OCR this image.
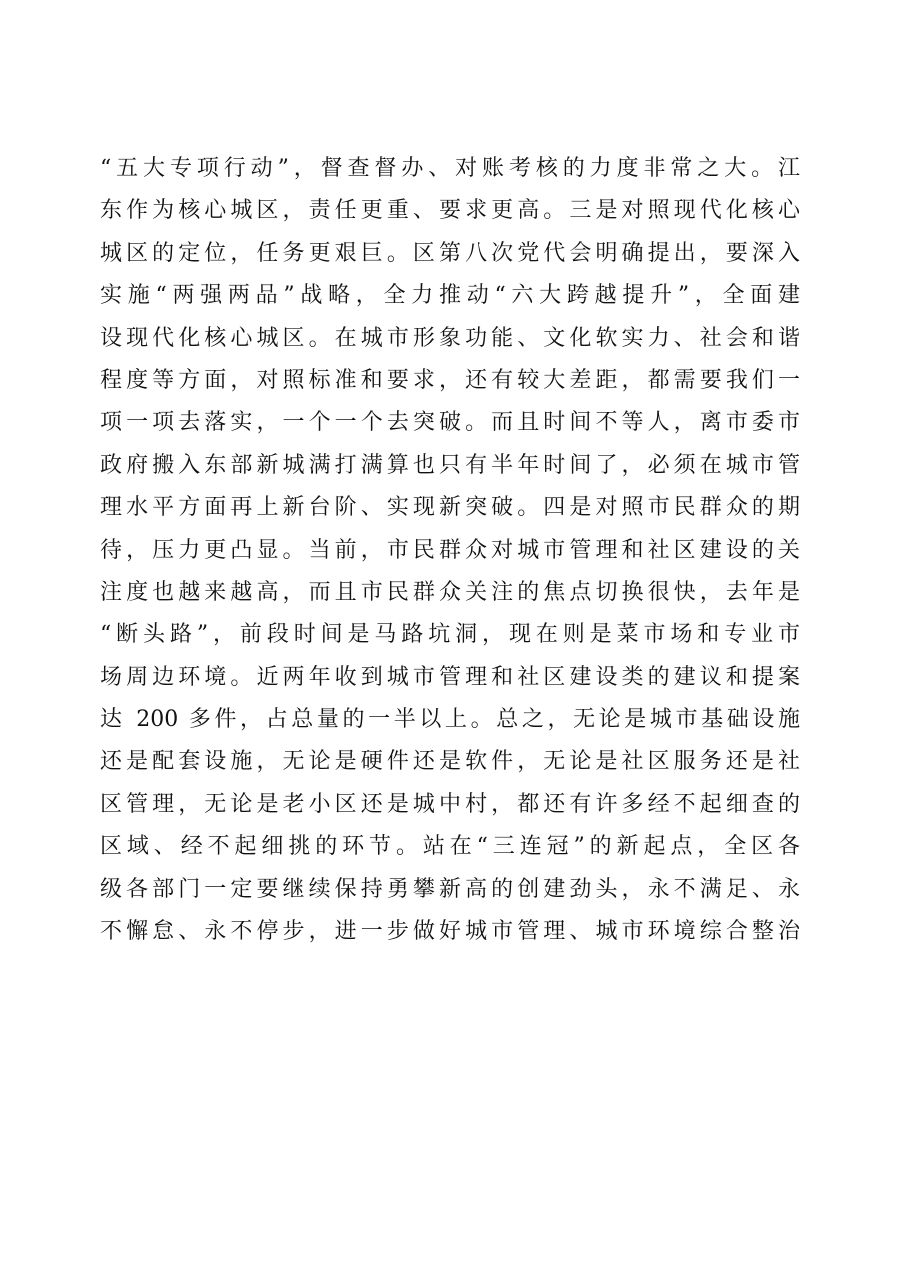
“五大专项行动”，督查督办、对账考核的力度非常之大。江
东作为核心城区，责任更重、要求更高。三是对照现代化核心
城区的定位，任务更艰巨。区第八次党代会明确提出，要深入
实施“两强两品”战略，全力推动“六大跨越提升”，全面建
设现代化核心城区。在城市形象功能、文化软实力、社会和谐
程度等方面，对照标准和要求，还有较大差距，都需要我们一
项一项去落实，一个一个去突破。而且时间不等人，离市委市
政府搬入东部新城满打满算也只有半年时间了，必须在城市管
理水平方面再上新台阶、实现新突破。四是对照市民群众的期
待，压力更凸显。当前，市民群众对城市管理和社区建设的关
注度也越来越高，而且市民群众关注的焦点切换很快，去年是
“断头路”，前段时间是马路坑洞，现在则是菜市场和专业市
场周边环境。近两年收到城市管理和社区建设类的建议和提案
达 200 多件，占总量的一半以上。总之，无论是城市基础设施
还是配套设施，无论是硬件还是软件，无论是社区服务还是社
区管理，无论是老小区还是城中村，都还有许多经不起细查的
区域、经不起细挑的环节。站在“三连冠”的新起点，全区各
级各部门一定要继续保持勇攀新高的创建劲头，永不满足、永
不懈怠、永不停步，进一步做好城市管理、城市环境综合整治
